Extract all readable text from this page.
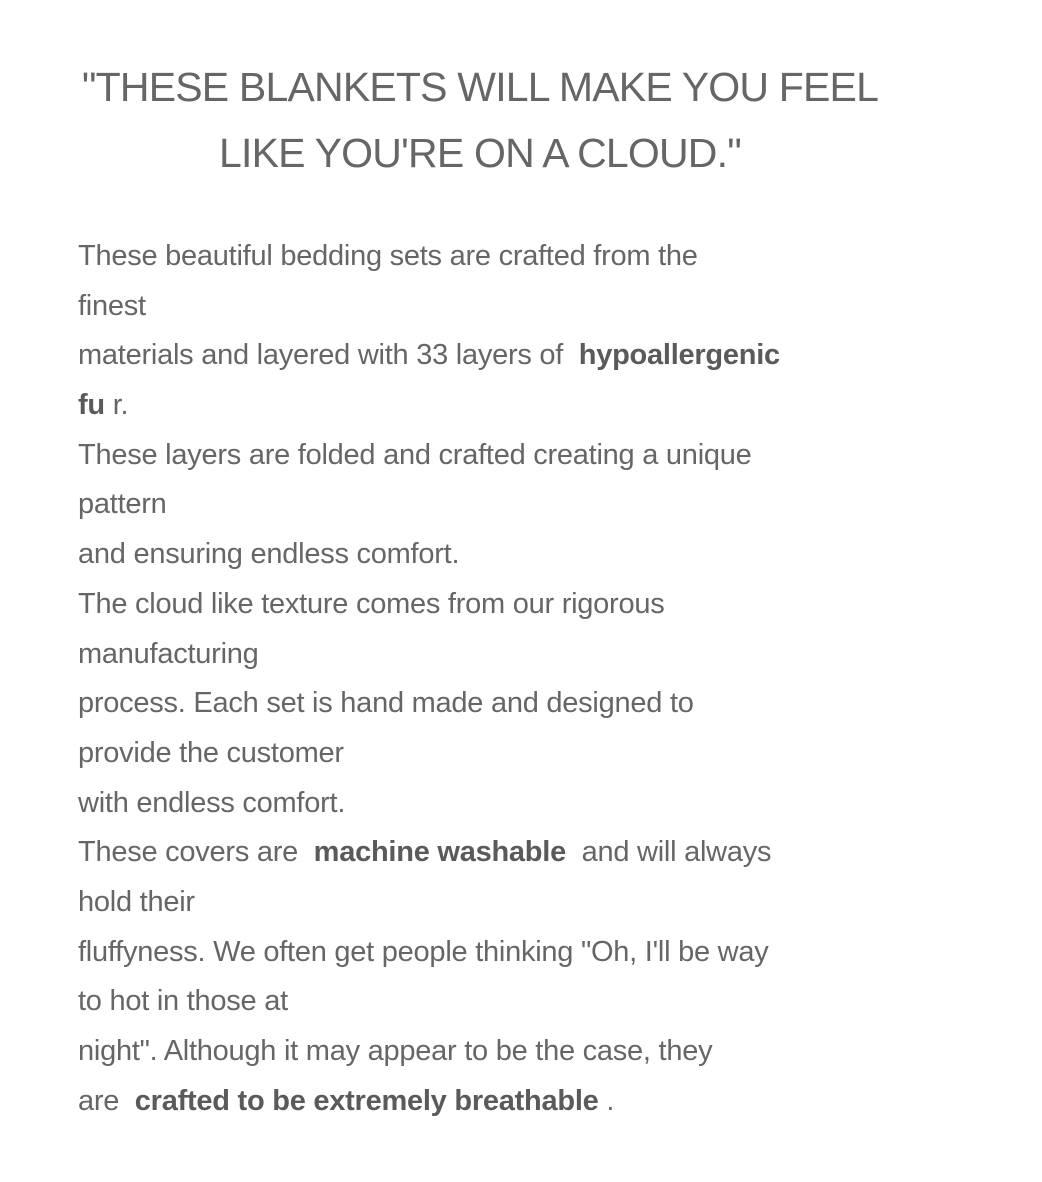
"THESE BLANKETS WILL MAKE YOU FEEL
LIKE YOU'RE ON A CLOUD."
These beautiful bedding sets are crafted from the
finest
materials and layered with 33 layers of  hypoallergenic
fu r.
These layers are folded and crafted creating a unique
pattern
and ensuring endless comfort.
The cloud like texture comes from our rigorous
manufacturing
process. Each set is hand made and designed to
provide the customer
with endless comfort.
These covers are  machine washable  and will always
hold their
fluffyness. We often get people thinking "Oh, I'll be way
to hot in those at
night". Although it may appear to be the case, they
are  crafted to be extremely breathable .
